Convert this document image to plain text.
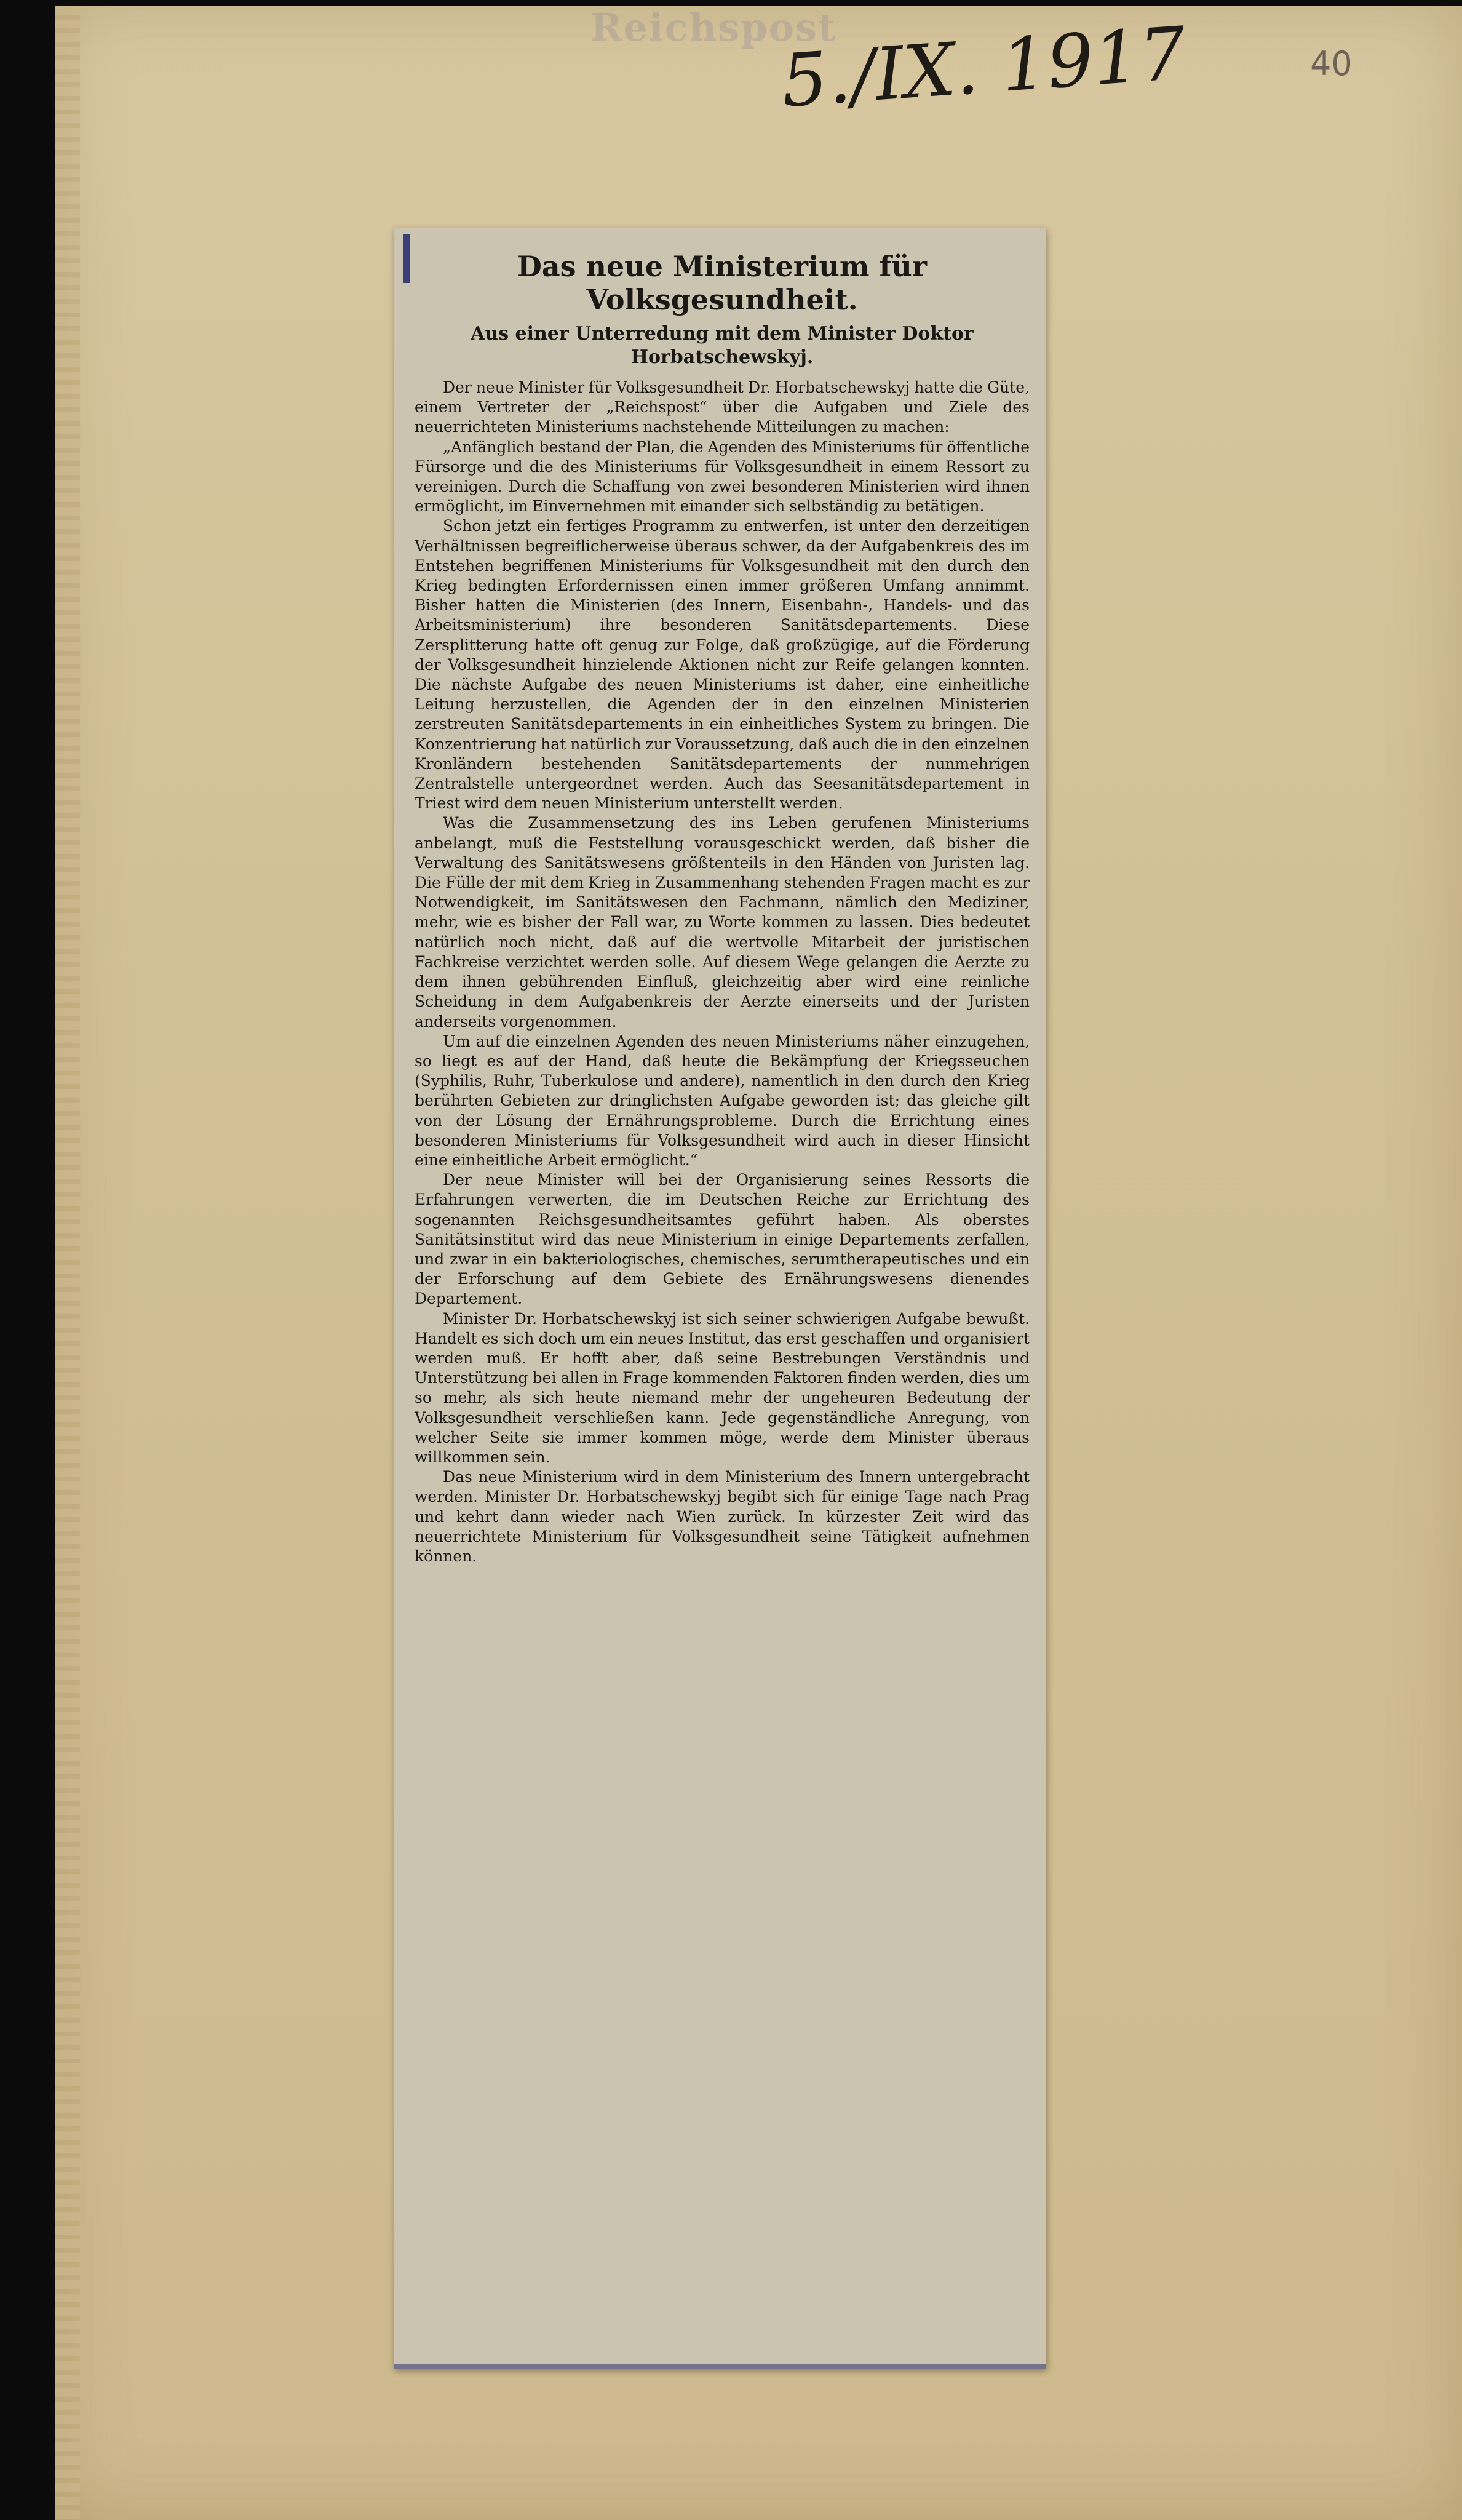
Reichspost
5./IX. 1917	40
Das neue Ministerium für Volksgesundheit.
Aus einer Unterredung mit dem Minister Doktor Horbatschewskyj.

Der neue Minister für Volksgesundheit Dr. Horbatschewskyj hatte die Güte, einem Vertreter der „Reichspost“ über die Aufgaben und Ziele des neuerrichteten Ministeriums nachstehende Mitteilungen zu machen:

„Anfänglich bestand der Plan, die Agenden des Ministeriums für öffentliche Fürsorge und die des Ministeriums für Volksgesundheit in einem Ressort zu vereinigen. Durch die Schaffung von zwei besonderen Ministerien wird ihnen ermöglicht, im Einvernehmen mit einander sich selbständig zu betätigen.

Schon jetzt ein fertiges Programm zu entwerfen, ist unter den derzeitigen Verhältnissen begreiflicherweise überaus schwer, da der Aufgabenkreis des im Entstehen begriffenen Ministeriums für Volksgesundheit mit den durch den Krieg bedingten Erfordernissen einen immer größeren Umfang annimmt. Bisher hatten die Ministerien (des Innern, Eisenbahn-, Handels- und das Arbeitsministerium) ihre besonderen Sanitätsdepartements. Diese Zersplitterung hatte oft genug zur Folge, daß großzügige, auf die Förderung der Volksgesundheit hinzielende Aktionen nicht zur Reife gelangen konnten. Die nächste Aufgabe des neuen Ministeriums ist daher, eine einheitliche Leitung herzustellen, die Agenden der in den einzelnen Ministerien zerstreuten Sanitätsdepartements in ein einheitliches System zu bringen. Die Konzentrierung hat natürlich zur Voraussetzung, daß auch die in den einzelnen Kronländern bestehenden Sanitätsdepartements der nunmehrigen Zentralstelle untergeordnet werden. Auch das Seesanitätsdepartement in Triest wird dem neuen Ministerium unterstellt werden.

Was die Zusammensetzung des ins Leben gerufenen Ministeriums anbelangt, muß die Feststellung vorausgeschickt werden, daß bisher die Verwaltung des Sanitätswesens größtenteils in den Händen von Juristen lag. Die Fülle der mit dem Krieg in Zusammenhang stehenden Fragen macht es zur Notwendigkeit, im Sanitätswesen den Fachmann, nämlich den Mediziner, mehr, wie es bisher der Fall war, zu Worte kommen zu lassen. Dies bedeutet natürlich noch nicht, daß auf die wertvolle Mitarbeit der juristischen Fachkreise verzichtet werden solle. Auf diesem Wege gelangen die Aerzte zu dem ihnen gebührenden Einfluß, gleichzeitig aber wird eine reinliche Scheidung in dem Aufgabenkreis der Aerzte einerseits und der Juristen anderseits vorgenommen.

Um auf die einzelnen Agenden des neuen Ministeriums näher einzugehen, so liegt es auf der Hand, daß heute die Bekämpfung der Kriegsseuchen (Syphilis, Ruhr, Tuberkulose und andere), namentlich in den durch den Krieg berührten Gebieten zur dringlichsten Aufgabe geworden ist; das gleiche gilt von der Lösung der Ernährungsprobleme. Durch die Errichtung eines besonderen Ministeriums für Volksgesundheit wird auch in dieser Hinsicht eine einheitliche Arbeit ermöglicht.“

Der neue Minister will bei der Organisierung seines Ressorts die Erfahrungen verwerten, die im Deutschen Reiche zur Errichtung des sogenannten Reichsgesundheitsamtes geführt haben. Als oberstes Sanitätsinstitut wird das neue Ministerium in einige Departements zerfallen, und zwar in ein bakteriologisches, chemisches, serumtherapeutisches und ein der Erforschung auf dem Gebiete des Ernährungswesens dienendes Departement.

Minister Dr. Horbatschewskyj ist sich seiner schwierigen Aufgabe bewußt. Handelt es sich doch um ein neues Institut, das erst geschaffen und organisiert werden muß. Er hofft aber, daß seine Bestrebungen Verständnis und Unterstützung bei allen in Frage kommenden Faktoren finden werden, dies um so mehr, als sich heute niemand mehr der ungeheuren Bedeutung der Volksgesundheit verschließen kann. Jede gegenständliche Anregung, von welcher Seite sie immer kommen möge, werde dem Minister überaus willkommen sein.

Das neue Ministerium wird in dem Ministerium des Innern untergebracht werden. Minister Dr. Horbatschewskyj begibt sich für einige Tage nach Prag und kehrt dann wieder nach Wien zurück. In kürzester Zeit wird das neuerrichtete Ministerium für Volksgesundheit seine Tätigkeit aufnehmen können.
